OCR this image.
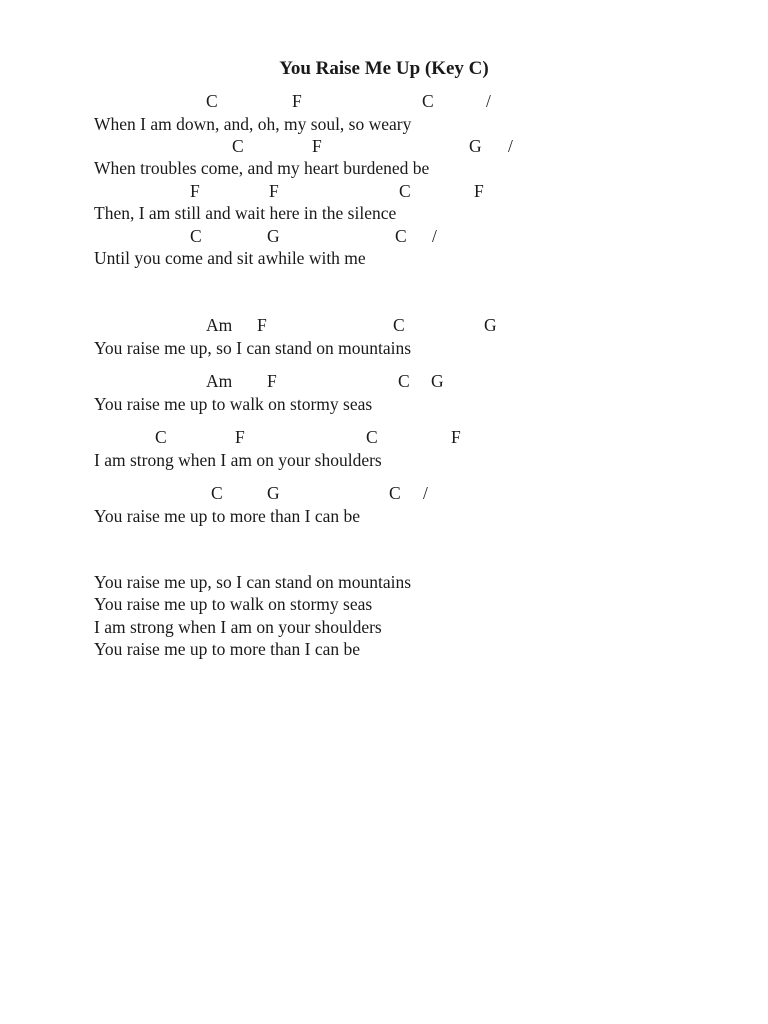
You Raise Me Up (Key C)
C	F	C	/
When I am down, and, oh, my soul, so weary
C	F	G /
When troubles come, and my heart burdened be
F	F	C	F
Then, I am still and wait here in the silence
C	G	C /
Until you come and sit awhile with me
Am F	C	G
You raise me up, so I can stand on mountains
Am F	C G
You raise me up to walk on stormy seas
C	F	C	F
I am strong when I am on your shoulders
C	G	C /
You raise me up to more than I can be
You raise me up, so I can stand on mountains
You raise me up to walk on stormy seas
I am strong when I am on your shoulders
You raise me up to more than I can be
